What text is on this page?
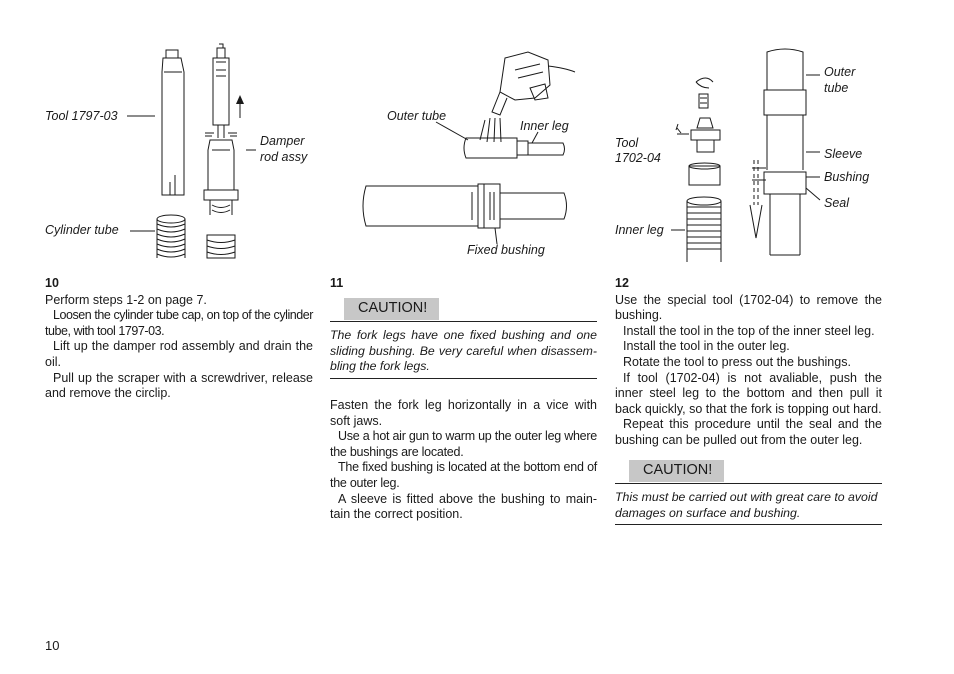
Tool 1797-03
Damper
rod assy
Cylinder tube
Outer tube
Inner leg
Fixed bushing
Outer
tube
Tool
1702-04	Sleeve
Bushing
Seal
Inner leg
10

Perform steps 1-2 on page 7.

Loosen the cylinder tube cap, on top of the cylinder tube, with tool 1797-03.

Lift up the damper rod assembly and drain the oil.

Pull up the scraper with a screwdriver, release and remove the circlip.

11
CAUTION!
The fork legs have one fixed bushing and one sliding bushing. Be very careful when disassem-bling the fork legs.

Fasten the fork leg horizontally in a vice with soft jaws.

Use a hot air gun to warm up the outer leg where the bushings are located.

The fixed bushing is located at the bottom end of the outer leg.

A sleeve is fitted above the bushing to main-tain the correct position.

12

Use the special tool (1702-04) to remove the bushing.

Install the tool in the top of the inner steel leg.

Install the tool in the outer leg.

Rotate the tool to press out the bushings.

If tool (1702-04) is not avaliable, push the inner steel leg to the bottom and then pull it back quickly, so that the fork is topping out hard.

Repeat this procedure until the seal and the bushing can be pulled out from the outer leg.

CAUTION!
This must be carried out with great care to avoid damages on surface and bushing.
10
